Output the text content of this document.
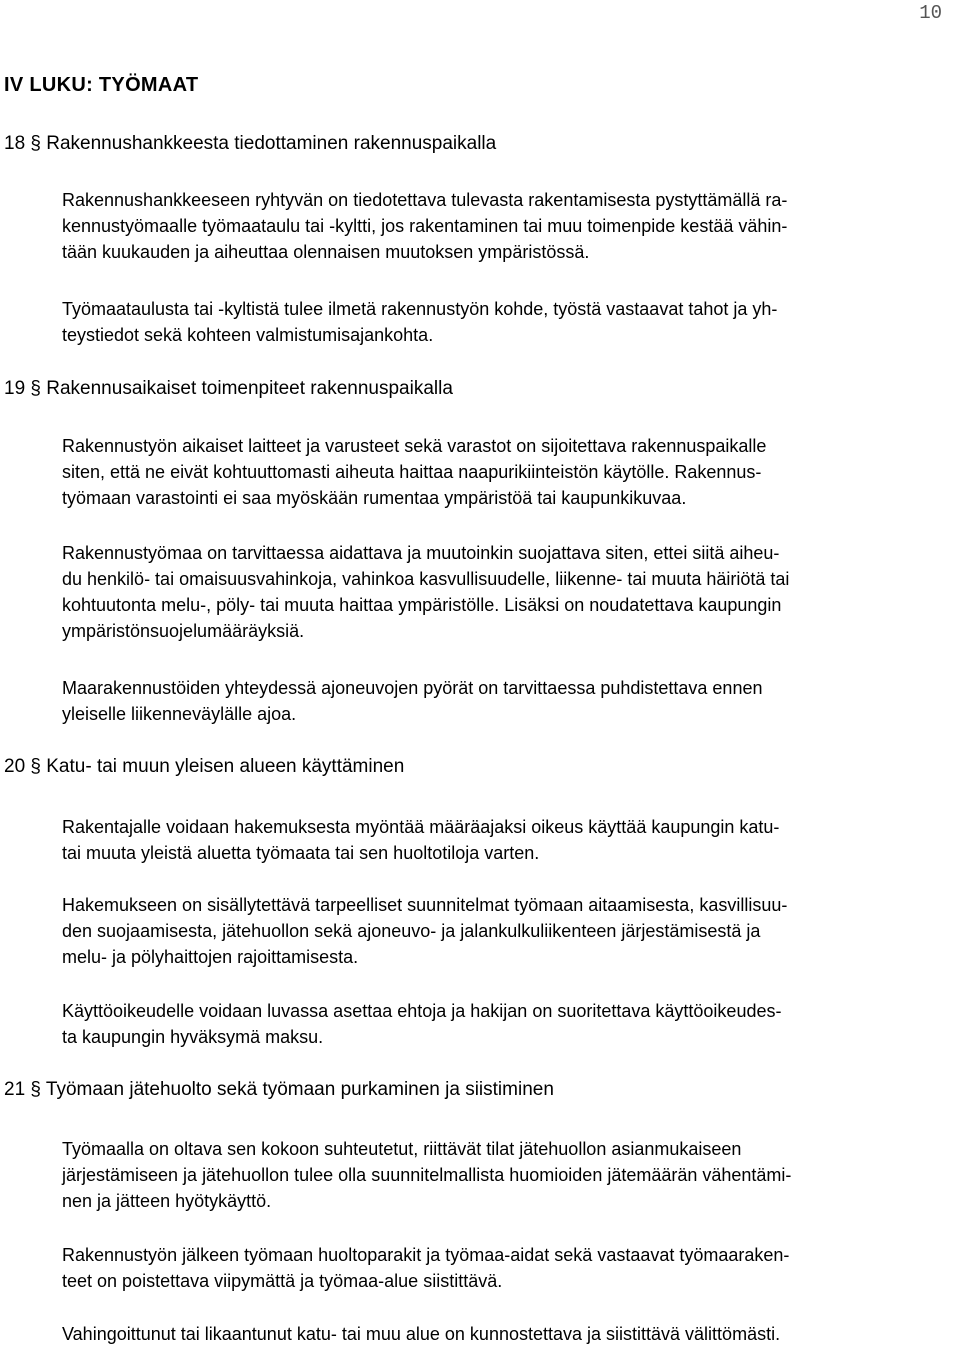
10
IV LUKU: TYÖMAAT
18 § Rakennushankkeesta tiedottaminen rakennuspaikalla

Rakennushankkeeseen ryhtyvän on tiedotettava tulevasta rakentamisesta pystyttämällä ra-
kennustyömaalle työmaataulu tai -kyltti, jos rakentaminen tai muu toimenpide kestää vähin-
tään kuukauden ja aiheuttaa olennaisen muutoksen ympäristössä.

Työmaataulusta tai -kyltistä tulee ilmetä rakennustyön kohde, työstä vastaavat tahot ja yh-
teystiedot sekä kohteen valmistumisajankohta.

19 § Rakennusaikaiset toimenpiteet rakennuspaikalla

Rakennustyön aikaiset laitteet ja varusteet sekä varastot on sijoitettava rakennuspaikalle
siten, että ne eivät kohtuuttomasti aiheuta haittaa naapurikiinteistön käytölle. Rakennus-
työmaan varastointi ei saa myöskään rumentaa ympäristöä tai kaupunkikuvaa.

Rakennustyömaa on tarvittaessa aidattava ja muutoinkin suojattava siten, ettei siitä aiheu-
du henkilö- tai omaisuusvahinkoja, vahinkoa kasvullisuudelle, liikenne- tai muuta häiriötä tai
kohtuutonta melu-, pöly- tai muuta haittaa ympäristölle. Lisäksi on noudatettava kaupungin
ympäristönsuojelumääräyksiä.

Maarakennustöiden yhteydessä ajoneuvojen pyörät on tarvittaessa puhdistettava ennen
yleiselle liikenneväylälle ajoa.

20 § Katu- tai muun yleisen alueen käyttäminen

Rakentajalle voidaan hakemuksesta myöntää määräajaksi oikeus käyttää kaupungin katu-
tai muuta yleistä aluetta työmaata tai sen huoltotiloja varten.

Hakemukseen on sisällytettävä tarpeelliset suunnitelmat työmaan aitaamisesta, kasvillisuu-
den suojaamisesta, jätehuollon sekä ajoneuvo- ja jalankulkuliikenteen järjestämisestä ja
melu- ja pölyhaittojen rajoittamisesta.

Käyttöoikeudelle voidaan luvassa asettaa ehtoja ja hakijan on suoritettava käyttöoikeudes-
ta kaupungin hyväksymä maksu.

21 § Työmaan jätehuolto sekä työmaan purkaminen ja siistiminen

Työmaalla on oltava sen kokoon suhteutetut, riittävät tilat jätehuollon asianmukaiseen
järjestämiseen ja jätehuollon tulee olla suunnitelmallista huomioiden jätemäärän vähentämi-
nen ja jätteen hyötykäyttö.

Rakennustyön jälkeen työmaan huoltoparakit ja työmaa-aidat sekä vastaavat työmaaraken-
teet on poistettava viipymättä ja työmaa-alue siistittävä.

Vahingoittunut tai likaantunut katu- tai muu alue on kunnostettava ja siistittävä välittömästi.
